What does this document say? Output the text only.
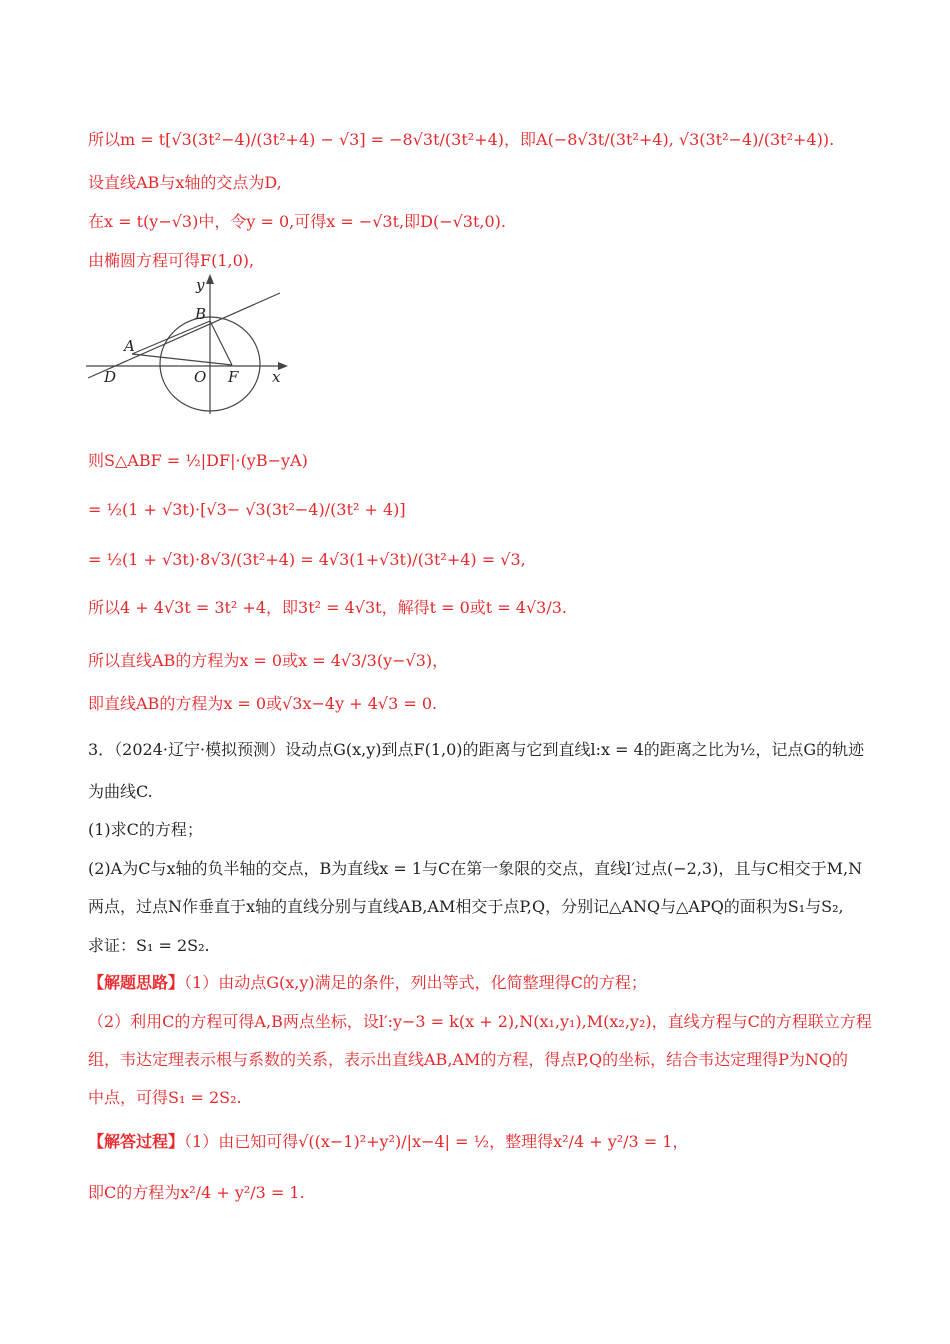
所以m = t[√3(3t²−4)/(3t²+4) − √3] = −8√3t/(3t²+4)，即A(−8√3t/(3t²+4), √3(3t²−4)/(3t²+4)).
设直线AB与x轴的交点为D,
在x = t(y−√3)中，令y = 0,可得x = −√3t,即D(−√3t,0).
由椭圆方程可得F(1,0),
y
x
B
A
D	O F
则S△ABF = ½|DF|·(yB−yA)
= ½(1 + √3t)·[√3− √3(3t²−4)/(3t² + 4)]
= ½(1 + √3t)·8√3/(3t²+4) = 4√3(1+√3t)/(3t²+4) = √3,
所以4 + 4√3t = 3t² +4，即3t² = 4√3t，解得t = 0或t = 4√3/3.
所以直线AB的方程为x = 0或x = 4√3/3(y−√3)，
即直线AB的方程为x = 0或√3x−4y + 4√3 = 0.
3．（2024·辽宁·模拟预测）设动点G(x,y)到点F(1,0)的距离与它到直线l:x = 4的距离之比为½，记点G的轨迹
为曲线C.
(1)求C的方程；
(2)A为C与x轴的负半轴的交点，B为直线x = 1与C在第一象限的交点，直线l′过点(−2,3)，且与C相交于M,N
两点，过点N作垂直于x轴的直线分别与直线AB,AM相交于点P,Q，分别记△ANQ与△APQ的面积为S₁与S₂,
求证：S₁ = 2S₂.
【解题思路】（1）由动点G(x,y)满足的条件，列出等式，化简整理得C的方程；
（2）利用C的方程可得A,B两点坐标，设l′:y−3 = k(x + 2),N(x₁,y₁),M(x₂,y₂)，直线方程与C的方程联立方程
组，韦达定理表示根与系数的关系，表示出直线AB,AM的方程，得点P,Q的坐标，结合韦达定理得P为NQ的
中点，可得S₁ = 2S₂.
【解答过程】（1）由已知可得√((x−1)²+y²)/|x−4| = ½，整理得x²/4 + y²/3 = 1，
即C的方程为x²/4 + y²/3 = 1.
